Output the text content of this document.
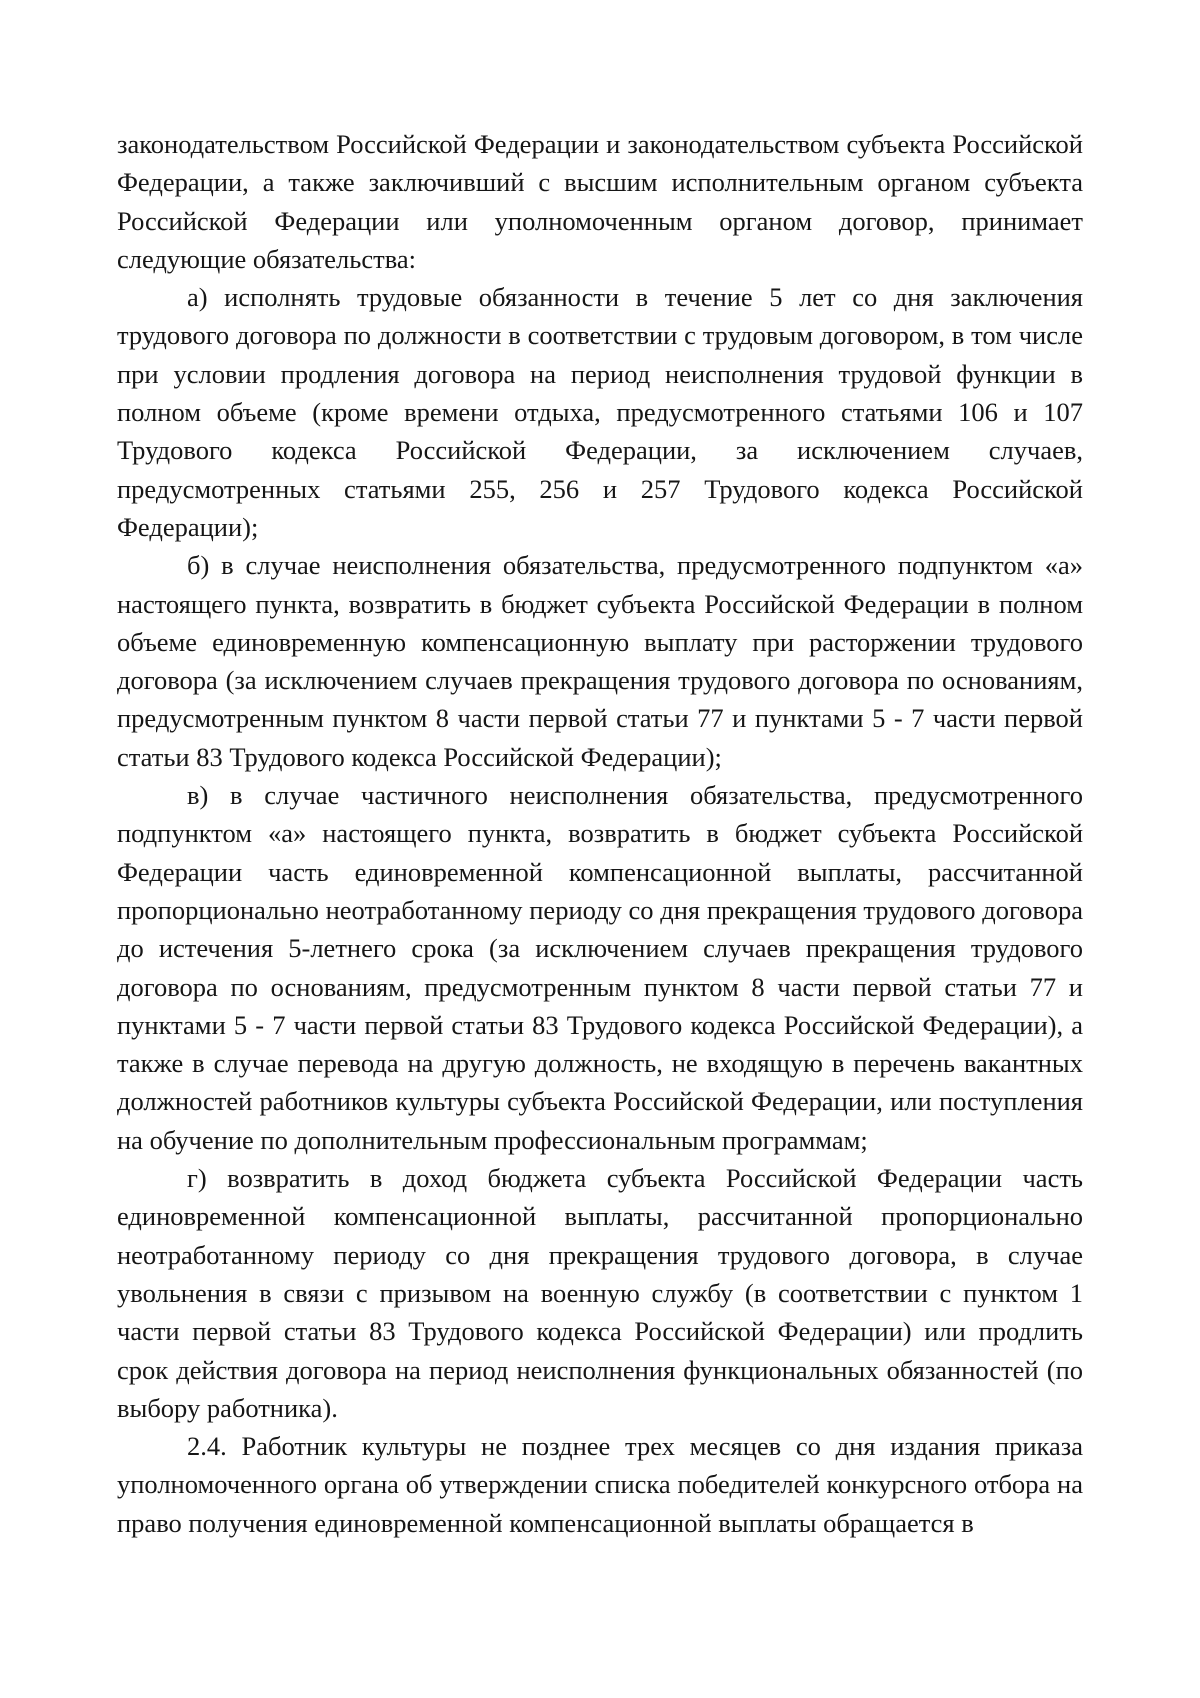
законодательством Российской Федерации и законодательством субъекта Российской Федерации, а также заключивший с высшим исполнительным органом субъекта Российской Федерации или уполномоченным органом договор, принимает следующие обязательства:

а) исполнять трудовые обязанности в течение 5 лет со дня заключения трудового договора по должности в соответствии с трудовым договором, в том числе при условии продления договора на период неисполнения трудовой функции в полном объеме (кроме времени отдыха, предусмотренного статьями 106 и 107 Трудового кодекса Российской Федерации, за исключением случаев, предусмотренных статьями 255, 256 и 257 Трудового кодекса Российской Федерации);

б) в случае неисполнения обязательства, предусмотренного подпунктом «а» настоящего пункта, возвратить в бюджет субъекта Российской Федерации в полном объеме единовременную компенсационную выплату при расторжении трудового договора (за исключением случаев прекращения трудового договора по основаниям, предусмотренным пунктом 8 части первой статьи 77 и пунктами 5 - 7 части первой статьи 83 Трудового кодекса Российской Федерации);

в) в случае частичного неисполнения обязательства, предусмотренного подпунктом «а» настоящего пункта, возвратить в бюджет субъекта Российской Федерации часть единовременной компенсационной выплаты, рассчитанной пропорционально неотработанному периоду со дня прекращения трудового договора до истечения 5-летнего срока (за исключением случаев прекращения трудового договора по основаниям, предусмотренным пунктом 8 части первой статьи 77 и пунктами 5 - 7 части первой статьи 83 Трудового кодекса Российской Федерации), а также в случае перевода на другую должность, не входящую в перечень вакантных должностей работников культуры субъекта Российской Федерации, или поступления на обучение по дополнительным профессиональным программам;

г) возвратить в доход бюджета субъекта Российской Федерации часть единовременной компенсационной выплаты, рассчитанной пропорционально неотработанному периоду со дня прекращения трудового договора, в случае увольнения в связи с призывом на военную службу (в соответствии с пунктом 1 части первой статьи 83 Трудового кодекса Российской Федерации) или продлить срок действия договора на период неисполнения функциональных обязанностей (по выбору работника).

2.4. Работник культуры не позднее трех месяцев со дня издания приказа уполномоченного органа об утверждении списка победителей конкурсного отбора на право получения единовременной компенсационной выплаты обращается в
